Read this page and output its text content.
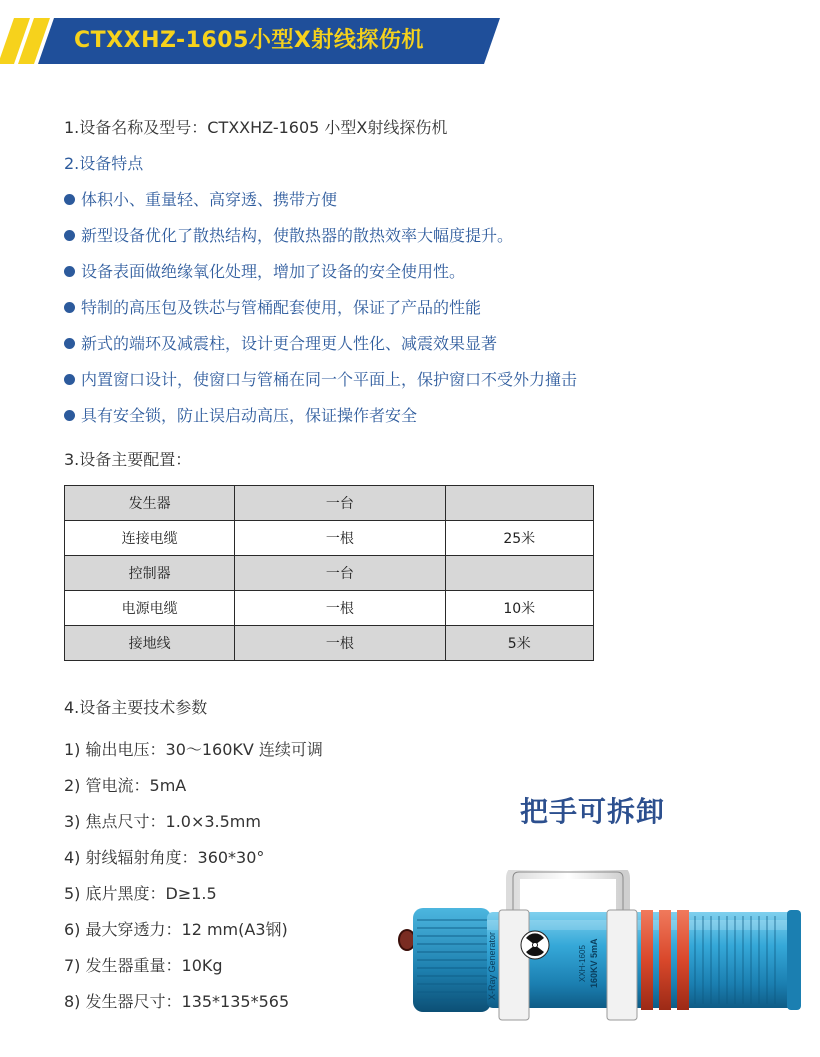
CTXXHZ-1605小型X射线探伤机
1.设备名称及型号：CTXXHZ-1605 小型X射线探伤机
2.设备特点
体积小、重量轻、高穿透、携带方便
新型设备优化了散热结构，使散热器的散热效率大幅度提升。
设备表面做绝缘氧化处理，增加了设备的安全使用性。
特制的高压包及铁芯与管桶配套使用，保证了产品的性能
新式的端环及减震柱，设计更合理更人性化、减震效果显著
内置窗口设计，使窗口与管桶在同一个平面上，保护窗口不受外力撞击
具有安全锁，防止误启动高压，保证操作者安全
3.设备主要配置：
发生器	一台	
连接电缆	一根	25米
控制器	一台	
电源电缆	一根	10米
接地线	一根	5米
4.设备主要技术参数
1) 输出电压：30～160KV 连续可调
2) 管电流：5mA
3) 焦点尺寸：1.0×3.5mm
4) 射线辐射角度：360*30°
5) 底片黑度：D≥1.5
6) 最大穿透力：12 mm(A3钢)
7) 发生器重量：10Kg
8) 发生器尺寸：135*135*565
把手可拆卸
X-Ray Generator	XXH-1605 160KV 5mA
